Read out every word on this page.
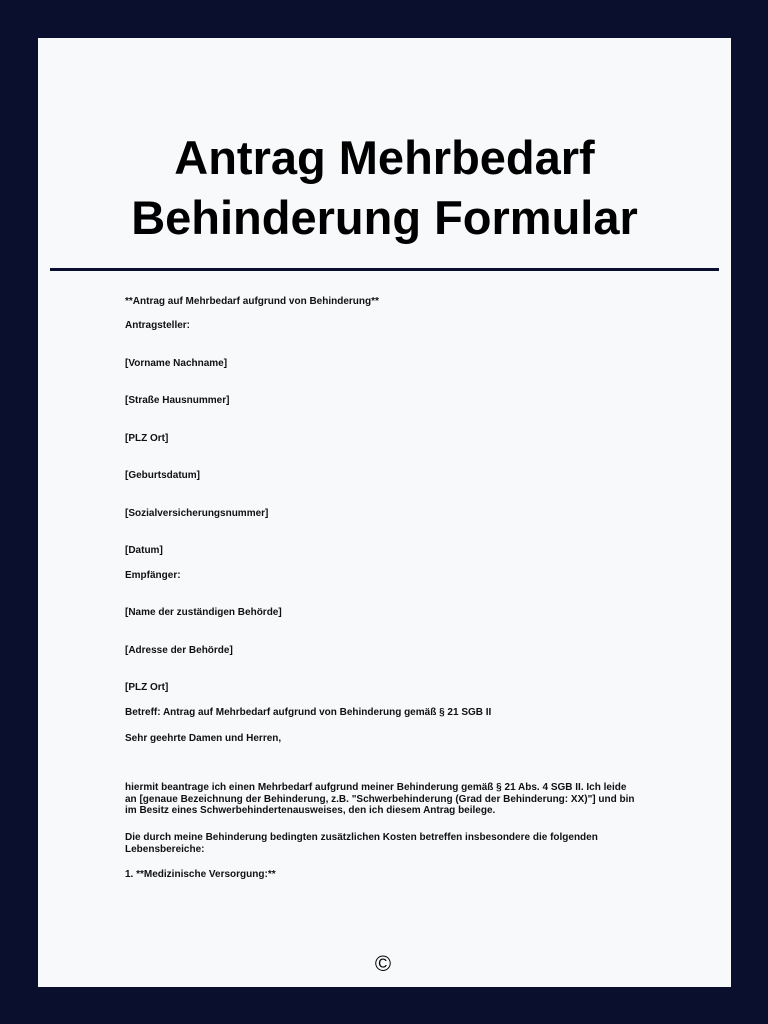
Antrag Mehrbedarf
Behinderung Formular
**Antrag auf Mehrbedarf aufgrund von Behinderung**
Antragsteller:
[Vorname Nachname]
[Straße Hausnummer]
[PLZ Ort]
[Geburtsdatum]
[Sozialversicherungsnummer]
[Datum]
Empfänger:
[Name der zuständigen Behörde]
[Adresse der Behörde]
[PLZ Ort]
Betreff: Antrag auf Mehrbedarf aufgrund von Behinderung gemäß § 21 SGB II
Sehr geehrte Damen und Herren,
hiermit beantrage ich einen Mehrbedarf aufgrund meiner Behinderung gemäß § 21 Abs. 4 SGB II. Ich leide an [genaue Bezeichnung der Behinderung, z.B. "Schwerbehinderung (Grad der Behinderung: XX)"] und bin im Besitz eines Schwerbehindertenausweises, den ich diesem Antrag beilege.
Die durch meine Behinderung bedingten zusätzlichen Kosten betreffen insbesondere die folgenden Lebensbereiche:
1. **Medizinische Versorgung:**
©
